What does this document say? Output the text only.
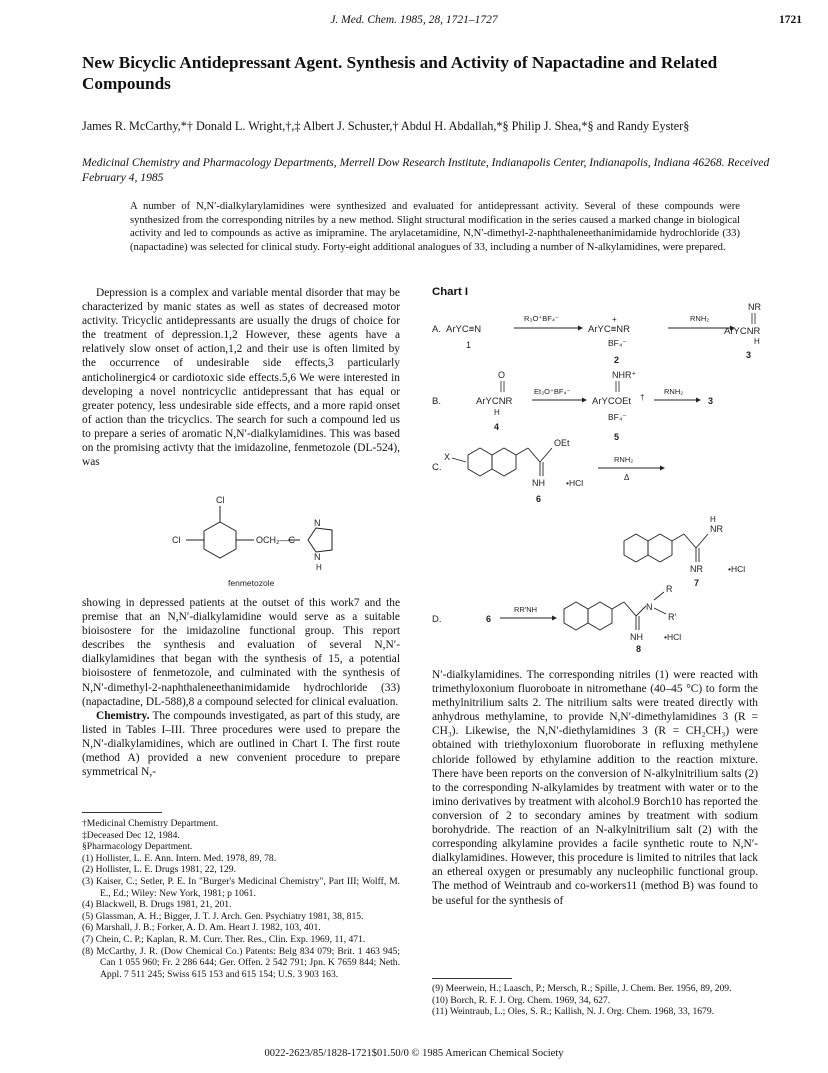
J. Med. Chem. 1985, 28, 1721–1727	1721
New Bicyclic Antidepressant Agent. Synthesis and Activity of Napactadine and Related Compounds
James R. McCarthy,*† Donald L. Wright,†,‡ Albert J. Schuster,† Abdul H. Abdallah,*§ Philip J. Shea,*§ and Randy Eyster§
Medicinal Chemistry and Pharmacology Departments, Merrell Dow Research Institute, Indianapolis Center, Indianapolis, Indiana 46268. Received February 4, 1985
A number of N,N′-dialkylarylamidines were synthesized and evaluated for antidepressant activity. Several of these compounds were synthesized from the corresponding nitriles by a new method. Slight structural modification in the series caused a marked change in biological activity and led to compounds as active as imipramine. The arylacetamidine, N,N′-dimethyl-2-naphthaleneethanimidamide hydrochloride (33) (napactadine) was selected for clinical study. Forty-eight additional analogues of 33, including a number of N-alkylamidines, were prepared.

Depression is a complex and variable mental disorder that may be characterized by manic states as well as states of decreased motor activity. Tricyclic antidepressants are usually the drugs of choice for the treatment of depression.1,2 However, these agents have a relatively slow onset of action,1,2 and their use is often limited by the occurrence of undesirable side effects,3 particularly anticholinergic4 or cardiotoxic side effects.5,6 We were interested in developing a novel nontricyclic antidepressant that has equal or greater potency, less undesirable side effects, and a more rapid onset of action than the tricyclics. The search for such a compound led us to prepare a series of aromatic N,N′-dialkylamidines. This was based on the promising activty that the imidazoline, fenmetozole (DL-524), was

Cl
Cl	OCH₂—C
N
N
H
fenmetozole

showing in depressed patients at the outset of this work7 and the premise that an N,N′-dialkylamidine would serve as a suitable bioisostere for the imidazoline functional group. This report describes the synthesis and evaluation of several N,N′-dialkylamidines that began with the synthesis of 15, a potential bioisostere of fenmetozole, and culminated with the synthesis of N,N′-dimethyl-2-naphthaleneethanimidamide hydrochloride (33) (napactadine, DL-588),8 a compound selected for clinical evaluation.

Chemistry. The compounds investigated, as part of this study, are listed in Tables I–III. Three procedures were used to prepare the N,N′-dialkylamidines, which are outlined in Chart I. The first route (method A) provided a new convenient procedure to prepare symmetrical N,-

†Medicinal Chemistry Department.
‡Deceased Dec 12, 1984.
§Pharmacology Department.
(1) Hollister, L. E. Ann. Intern. Med. 1978, 89, 78.
(2) Hollister, L. E. Drugs 1981, 22, 129.
(3) Kaiser, C.; Setler, P. E. In "Burger's Medicinal Chemistry", Part III; Wolff, M. E., Ed.; Wiley: New York, 1981; p 1061.
(4) Blackwell, B. Drugs 1981, 21, 201.
(5) Glassman, A. H.; Bigger, J. T. J. Arch. Gen. Psychiatry 1981, 38, 815.
(6) Marshall, J. B.; Forker, A. D. Am. Heart J. 1982, 103, 401.
(7) Chein, C. P.; Kaplan, R. M. Curr. Ther. Res., Clin. Exp. 1969, 11, 471.
(8) McCarthy, J. R. (Dow Chemical Co.) Patents: Belg 834 079; Brit. 1 463 945; Can 1 055 960; Fr. 2 286 644; Ger. Offen. 2 542 791; Jpn. K 7659 844; Neth. Appl. 7 511 245; Swiss 615 153 and 615 154; U.S. 3 903 163.
Chart I
A. ArYC≡N
R₃O⁺BF₄⁻	+
ArYC≡NR
RNH₂
NR
ArYCNR
H
1	BF₄⁻
2	3
O	NHR⁺
B.	ArYCNR
H
Et₃O⁺BF₄⁻
ArYCOEt †
RNH₂
3
4
BF₄⁻
5
C.
X
OEt
NH •HCl
RNH₂
Δ
6
H
NR
NR	•HCl
7
D.	6
RR′NH	N
R
R′
NH •HCl
8

N′-dialkylamidines. The corresponding nitriles (1) were reacted with trimethyloxonium fluoroboate in nitromethane (40–45 °C) to form the methylnitrilium salts 2. The nitrilium salts were treated directly with anhydrous methylamine, to provide N,N′-dimethylamidines 3 (R = CH₃). Likewise, the N,N′-diethylamidines 3 (R = CH₂CH₃) were obtained with triethyloxonium fluoroborate in refluxing methylene chloride followed by ethylamine addition to the reaction mixture. There have been reports on the conversion of N-alkylnitrilium salts (2) to the corresponding N-alkylamides by treatment with water or to the imino derivatives by treatment with alcohol.9 Borch10 has reported the conversion of 2 to secondary amines by treatment with sodium borohydride. The reaction of an N-alkylnitrilium salt (2) with the corresponding alkylamine provides a facile synthetic route to N,N′-dialkylamidines. However, this procedure is limited to nitriles that lack an ethereal oxygen or presumably any nucleophilic functional group. The method of Weintraub and co-workers11 (method B) was found to be useful for the synthesis of

(9) Meerwein, H.; Laasch, P.; Mersch, R.; Spille, J. Chem. Ber. 1956, 89, 209.
(10) Borch, R. F. J. Org. Chem. 1969, 34, 627.
(11) Weintraub, L.; Oles, S. R.; Kallish, N. J. Org. Chem. 1968, 33, 1679.
0022-2623/85/1828-1721$01.50/0 © 1985 American Chemical Society
